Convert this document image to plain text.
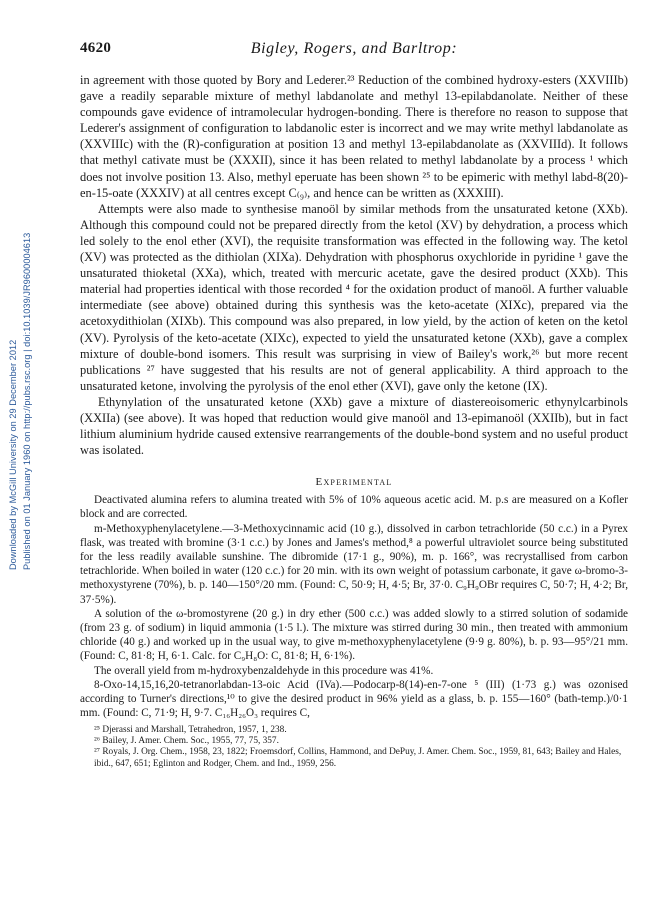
Downloaded by McGill University on 29 December 2012 Published on 01 January 1960 on http://pubs.rsc.org | doi:10.1039/JR9600004613
4620	Bigley, Rogers, and Barltrop:

in agreement with those quoted by Bory and Lederer.²³ Reduction of the combined hydroxy-esters (XXVIIIb) gave a readily separable mixture of methyl labdanolate and methyl 13-epilabdanolate. Neither of these compounds gave evidence of intramolecular hydrogen-bonding. There is therefore no reason to suppose that Lederer's assignment of configuration to labdanolic ester is incorrect and we may write methyl labdanolate as (XXVIIIc) with the (R)-configuration at position 13 and methyl 13-epilabdanolate as (XXVIIId). It follows that methyl cativate must be (XXXII), since it has been related to methyl labdanolate by a process ¹ which does not involve position 13. Also, methyl eperuate has been shown ²⁵ to be epimeric with methyl labd-8(20)-en-15-oate (XXXIV) at all centres except C₍₉₎, and hence can be written as (XXXIII).

Attempts were also made to synthesise manoöl by similar methods from the unsaturated ketone (XXb). Although this compound could not be prepared directly from the ketol (XV) by dehydration, a process which led solely to the enol ether (XVI), the requisite transformation was effected in the following way. The ketol (XV) was protected as the dithiolan (XIXa). Dehydration with phosphorus oxychloride in pyridine ¹ gave the unsaturated thioketal (XXa), which, treated with mercuric acetate, gave the desired product (XXb). This material had properties identical with those recorded ⁴ for the oxidation product of manoöl. A further valuable intermediate (see above) obtained during this synthesis was the keto-acetate (XIXc), prepared via the acetoxydithiolan (XIXb). This compound was also prepared, in low yield, by the action of keten on the ketol (XV). Pyrolysis of the keto-acetate (XIXc), expected to yield the unsaturated ketone (XXb), gave a complex mixture of double-bond isomers. This result was surprising in view of Bailey's work,²⁶ but more recent publications ²⁷ have suggested that his results are not of general applicability. A third approach to the unsaturated ketone, involving the pyrolysis of the enol ether (XVI), gave only the ketone (IX).

Ethynylation of the unsaturated ketone (XXb) gave a mixture of diastereoisomeric ethynylcarbinols (XXIIa) (see above). It was hoped that reduction would give manoöl and 13-epimanoöl (XXIIb), but in fact lithium aluminium hydride caused extensive rearrangements of the double-bond system and no useful product was isolated.

Experimental

Deactivated alumina refers to alumina treated with 5% of 10% aqueous acetic acid. M. p.s are measured on a Kofler block and are corrected.

m-Methoxyphenylacetylene.—3-Methoxycinnamic acid (10 g.), dissolved in carbon tetrachloride (50 c.c.) in a Pyrex flask, was treated with bromine (3·1 c.c.) by Jones and James's method,⁸ a powerful ultraviolet source being substituted for the less readily available sunshine. The dibromide (17·1 g., 90%), m. p. 166°, was recrystallised from carbon tetrachloride. When boiled in water (120 c.c.) for 20 min. with its own weight of potassium carbonate, it gave ω-bromo-3-methoxystyrene (70%), b. p. 140—150°/20 mm. (Found: C, 50·9; H, 4·5; Br, 37·0. C₉H₉OBr requires C, 50·7; H, 4·2; Br, 37·5%).

A solution of the ω-bromostyrene (20 g.) in dry ether (500 c.c.) was added slowly to a stirred solution of sodamide (from 23 g. of sodium) in liquid ammonia (1·5 l.). The mixture was stirred during 30 min., then treated with ammonium chloride (40 g.) and worked up in the usual way, to give m-methoxyphenylacetylene (9·9 g. 80%), b. p. 93—95°/21 mm. (Found: C, 81·8; H, 6·1. Calc. for C₉H₈O: C, 81·8; H, 6·1%).

The overall yield from m-hydroxybenzaldehyde in this procedure was 41%.

8-Oxo-14,15,16,20-tetranorlabdan-13-oic Acid (IVa).—Podocarp-8(14)-en-7-one ⁵ (III) (1·73 g.) was ozonised according to Turner's directions,¹⁰ to give the desired product in 96% yield as a glass, b. p. 155—160° (bath-temp.)/0·1 mm. (Found: C, 71·9; H, 9·7. C₁₆H₂₆O₃ requires C,

²⁵ Djerassi and Marshall, Tetrahedron, 1957, 1, 238.

²⁶ Bailey, J. Amer. Chem. Soc., 1955, 77, 75, 357.

²⁷ Royals, J. Org. Chem., 1958, 23, 1822; Froemsdorf, Collins, Hammond, and DePuy, J. Amer. Chem. Soc., 1959, 81, 643; Bailey and Hales, ibid., 647, 651; Eglinton and Rodger, Chem. and Ind., 1959, 256.
